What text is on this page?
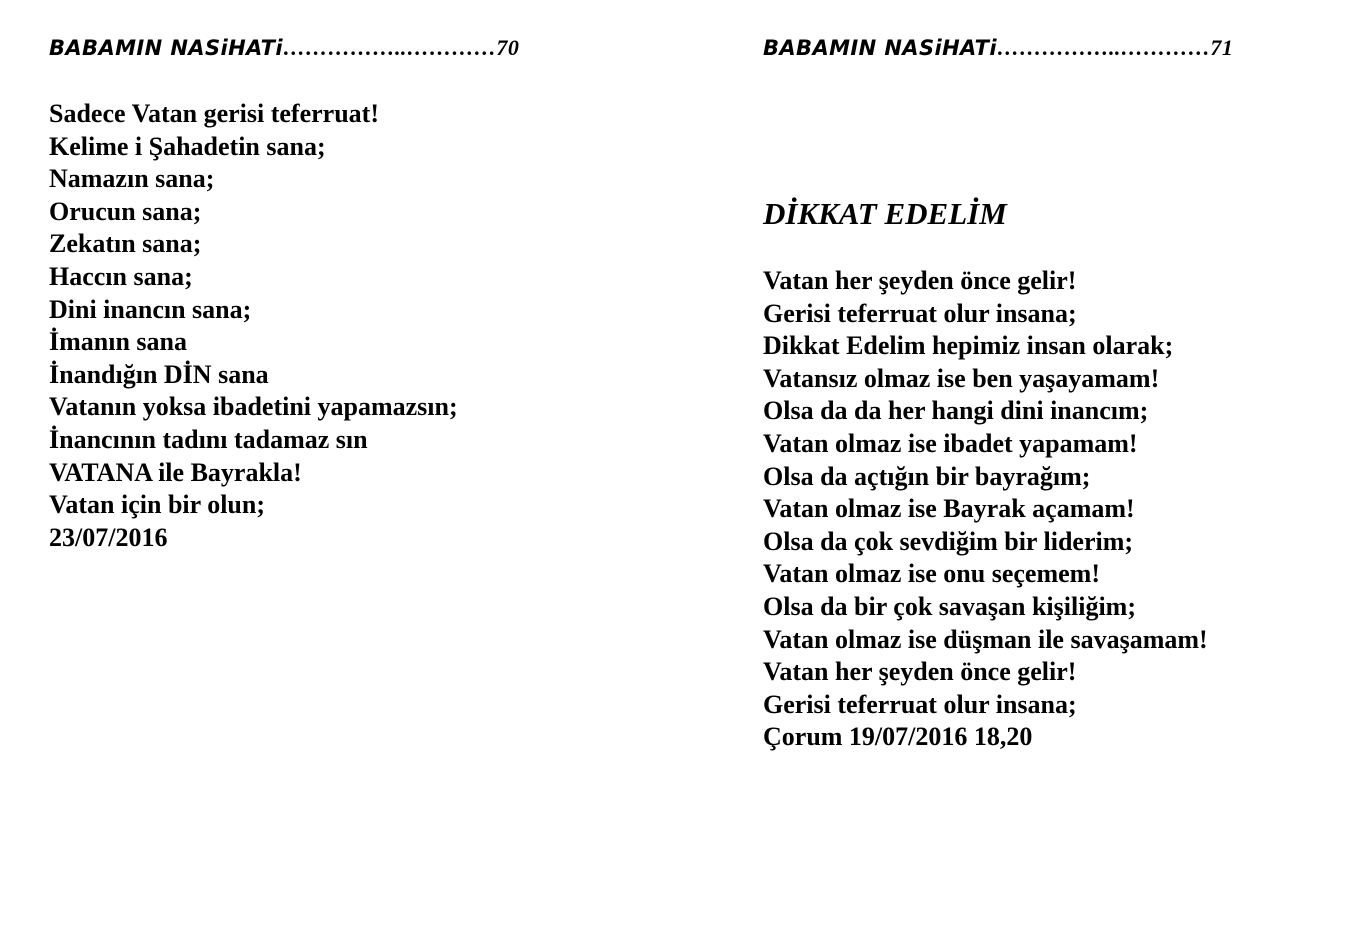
BABAMIN NASiHATi……………..…………70
Sadece Vatan gerisi teferruat!
Kelime i Şahadetin sana;
Namazın sana;
Orucun sana;
Zekatın sana;
Haccın sana;
Dini inancın sana;
İmanın sana
İnandığın DİN sana
Vatanın yoksa ibadetini yapamazsın;
İnancının tadını tadamaz sın
VATANA ile Bayrakla!
Vatan için bir olun;
23/07/2016
BABAMIN NASiHATi……………..…………71
DİKKAT EDELİM
Vatan her şeyden önce gelir!
Gerisi teferruat olur insana;
Dikkat Edelim hepimiz insan olarak;
Vatansız olmaz ise ben yaşayamam!
Olsa da da her hangi dini inancım;
Vatan olmaz ise ibadet yapamam!
Olsa da açtığın bir bayrağım;
Vatan olmaz ise Bayrak açamam!
Olsa da çok sevdiğim bir liderim;
Vatan olmaz ise onu seçemem!
Olsa da bir çok savaşan kişiliğim;
Vatan olmaz ise düşman ile savaşamam!
Vatan her şeyden önce gelir!
Gerisi teferruat olur insana;
Çorum 19/07/2016 18,20
